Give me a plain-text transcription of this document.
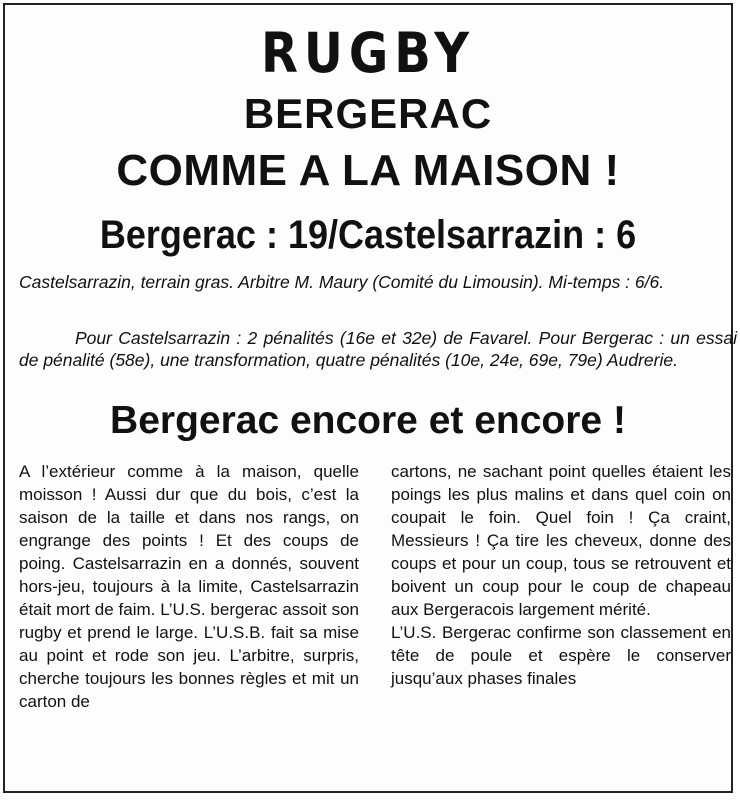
RUGBY
BERGERAC
COMME A LA MAISON !
Bergerac : 19/Castelsarrazin : 6

Castelsarrazin, terrain gras. Arbitre M. Maury (Comité du Limousin). Mi-temps : 6/6.

Pour Castelsarrazin : 2 pénalités (16e et 32e) de Favarel. Pour Bergerac : un essai de pénalité (58e), une transformation, quatre pénalités (10e, 24e, 69e, 79e) Audrerie.

Bergerac encore et encore !

A l’extérieur comme à la maison, quelle moisson ! Aussi dur que du bois, c’est la saison de la taille et dans nos rangs, on engrange des points ! Et des coups de poing. Castelsarrazin en a donnés, souvent hors-jeu, toujours à la limite, Castelsarrazin était mort de faim. L’U.S. bergerac assoit son rugby et prend le large. L’U.S.B. fait sa mise au point et rode son jeu. L’arbitre, surpris, cherche toujours les bonnes règles et mit un carton de

cartons, ne sachant point quelles étaient les poings les plus malins et dans quel coin on coupait le foin. Quel foin ! Ça craint, Messieurs ! Ça tire les cheveux, donne des coups et pour un coup, tous se retrouvent et boivent un coup pour le coup de chapeau aux Bergeracois largement mérité.

L’U.S. Bergerac confirme son classement en tête de poule et espère le conserver jusqu’aux phases finales
